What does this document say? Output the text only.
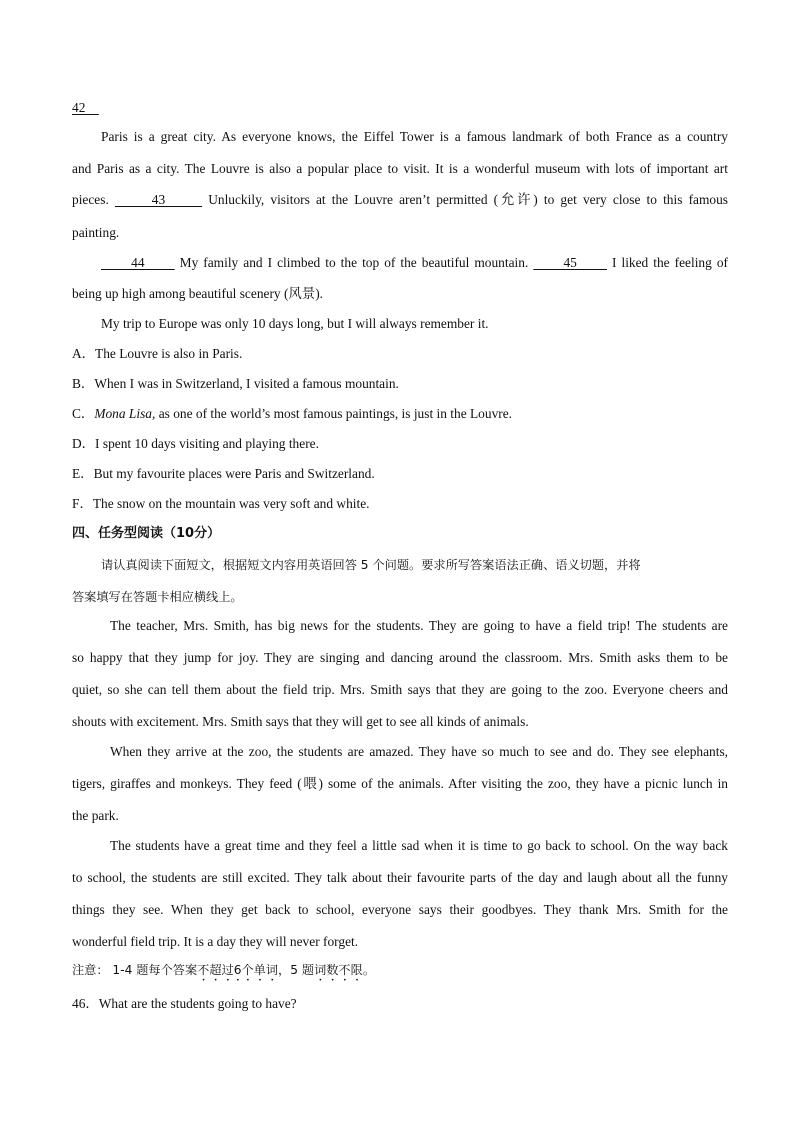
42
Paris is a great city. As everyone knows, the Eiffel Tower is a famous landmark of both France as a country
and Paris as a city. The Louvre is also a popular place to visit. It is a wonderful museum with lots of important art
pieces.       43       Unluckily, visitors at the Louvre aren’t permitted (允许) to get very close to this famous
painting.
44       My family and I climbed to the top of the beautiful mountain.       45       I liked the feeling of
being up high among beautiful scenery (风景).
My trip to Europe was only 10 days long, but I will always remember it.
A．The Louvre is also in Paris.
B．When I was in Switzerland, I visited a famous mountain.
C．Mona Lisa, as one of the world’s most famous paintings, is just in the Louvre.
D．I spent 10 days visiting and playing there.
E．But my favourite places were Paris and Switzerland.
F．The snow on the mountain was very soft and white.
四、任务型阅读（10分）
请认真阅读下面短文，根据短文内容用英语回答 5 个问题。要求所写答案语法正确、语义切题，并将
答案填写在答题卡相应横线上。
The teacher, Mrs. Smith, has big news for the students. They are going to have a field trip! The students are
so happy that they jump for joy. They are singing and dancing around the classroom. Mrs. Smith asks them to be
quiet, so she can tell them about the field trip. Mrs. Smith says that they are going to the zoo. Everyone cheers and
shouts with excitement. Mrs. Smith says that they will get to see all kinds of animals.
When they arrive at the zoo, the students are amazed. They have so much to see and do. They see elephants,
tigers, giraffes and monkeys. They feed (喂) some of the animals. After visiting the zoo, they have a picnic lunch in
the park.
The students have a great time and they feel a little sad when it is time to go back to school. On the way back
to school, the students are still excited. They talk about their favourite parts of the day and laugh about all the funny
things they see. When they get back to school, everyone says their goodbyes. They thank Mrs. Smith for the
wonderful field trip. It is a day they will never forget.
注意： 1-4 题每个答案不超过6个单词，5 题词数不限。
46．What are the students going to have?
